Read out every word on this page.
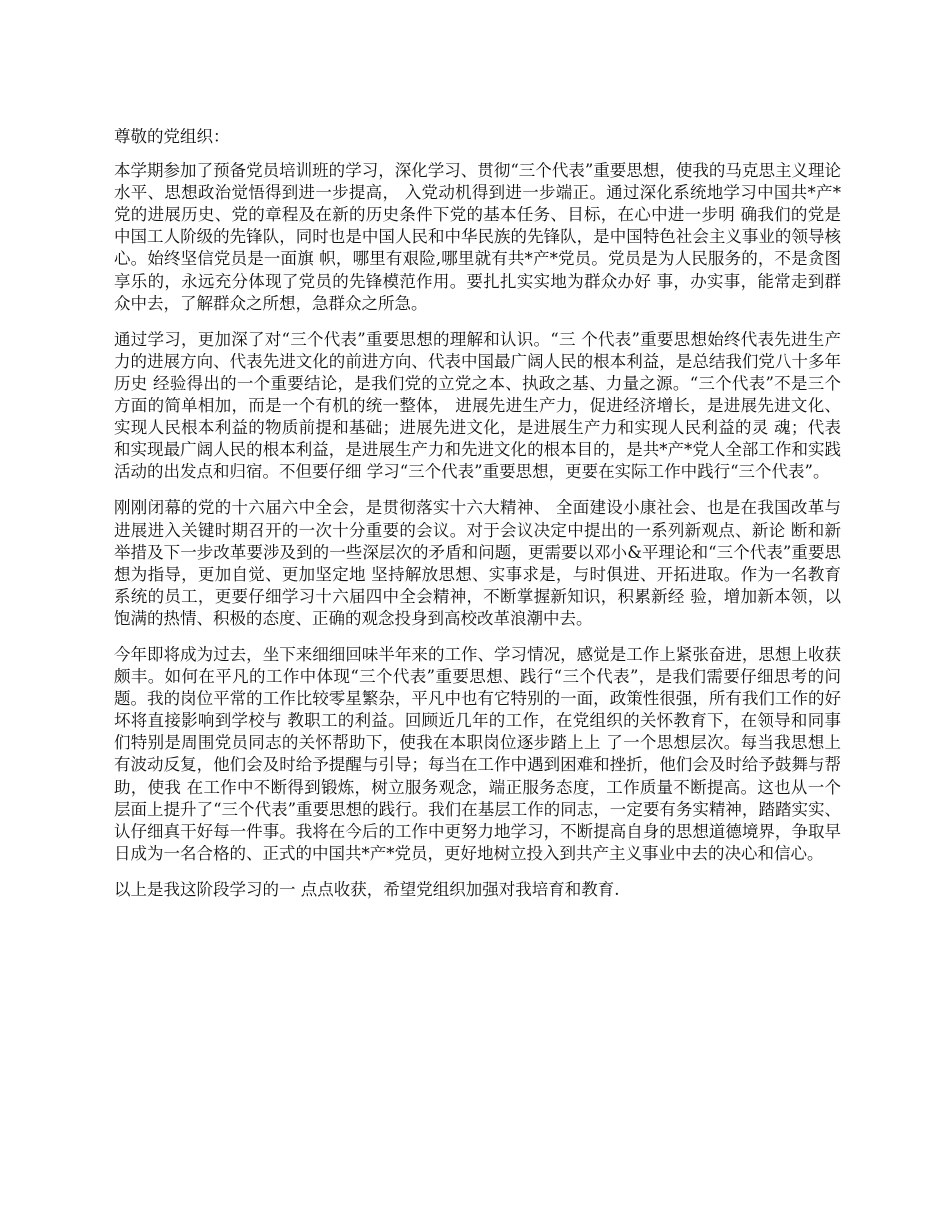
尊敬的党组织：

本学期参加了预备党员培训班的学习，深化学习、贯彻“三个代表”重要思想，使我的马克思主义理论水平、思想政治觉悟得到进一步提高， 入党动机得到进一步端正。通过深化系统地学习中国共*产*党的进展历史、党的章程及在新的历史条件下党的基本任务、目标，在心中进一步明 确我们的党是中国工人阶级的先锋队，同时也是中国人民和中华民族的先锋队，是中国特色社会主义事业的领导核心。始终坚信党员是一面旗 帜，哪里有艰险,哪里就有共*产*党员。党员是为人民服务的，不是贪图享乐的，永远充分体现了党员的先锋模范作用。要扎扎实实地为群众办好 事，办实事，能常走到群众中去，了解群众之所想，急群众之所急。

通过学习，更加深了对“三个代表”重要思想的理解和认识。“三 个代表”重要思想始终代表先进生产力的进展方向、代表先进文化的前进方向、代表中国最广阔人民的根本利益，是总结我们党八十多年历史 经验得出的一个重要结论，是我们党的立党之本、执政之基、力量之源。“三个代表”不是三个方面的简单相加，而是一个有机的统一整体， 进展先进生产力，促进经济增长，是进展先进文化、实现人民根本利益的物质前提和基础；进展先进文化，是进展生产力和实现人民利益的灵 魂；代表和实现最广阔人民的根本利益，是进展生产力和先进文化的根本目的，是共*产*党人全部工作和实践活动的出发点和归宿。不但要仔细 学习“三个代表”重要思想，更要在实际工作中践行“三个代表”。

刚刚闭幕的党的十六届六中全会，是贯彻落实十六大精神、 全面建设小康社会、也是在我国改革与进展进入关键时期召开的一次十分重要的会议。对于会议决定中提出的一系列新观点、新论 断和新举措及下一步改革要涉及到的一些深层次的矛盾和问题，更需要以邓小&平理论和“三个代表”重要思想为指导，更加自觉、更加坚定地 坚持解放思想、实事求是，与时俱进、开拓进取。作为一名教育系统的员工，更要仔细学习十六届四中全会精神，不断掌握新知识，积累新经 验，增加新本领，以饱满的热情、积极的态度、正确的观念投身到高校改革浪潮中去。

今年即将成为过去，坐下来细细回味半年来的工作、学习情况，感觉是工作上紧张奋进，思想上收获颇丰。如何在平凡的工作中体现“三个代表”重要思想、践行“三个代表”，是我们需要仔细思考的问题。我的岗位平常的工作比较零星繁杂，平凡中也有它特别的一面，政策性很强，所有我们工作的好坏将直接影响到学校与 教职工的利益。回顾近几年的工作，在党组织的关怀教育下，在领导和同事们特别是周围党员同志的关怀帮助下，使我在本职岗位逐步踏上上 了一个思想层次。每当我思想上有波动反复，他们会及时给予提醒与引导；每当在工作中遇到困难和挫折，他们会及时给予鼓舞与帮助，使我 在工作中不断得到锻炼，树立服务观念，端正服务态度，工作质量不断提高。这也从一个层面上提升了“三个代表”重要思想的践行。我们在基层工作的同志，一定要有务实精神，踏踏实实、认仔细真干好每一件事。我将在今后的工作中更努力地学习，不断提高自身的思想道德境界，争取早日成为一名合格的、正式的中国共*产*党员，更好地树立投入到共产主义事业中去的决心和信心。

以上是我这阶段学习的一 点点收获，希望党组织加强对我培育和教育.
